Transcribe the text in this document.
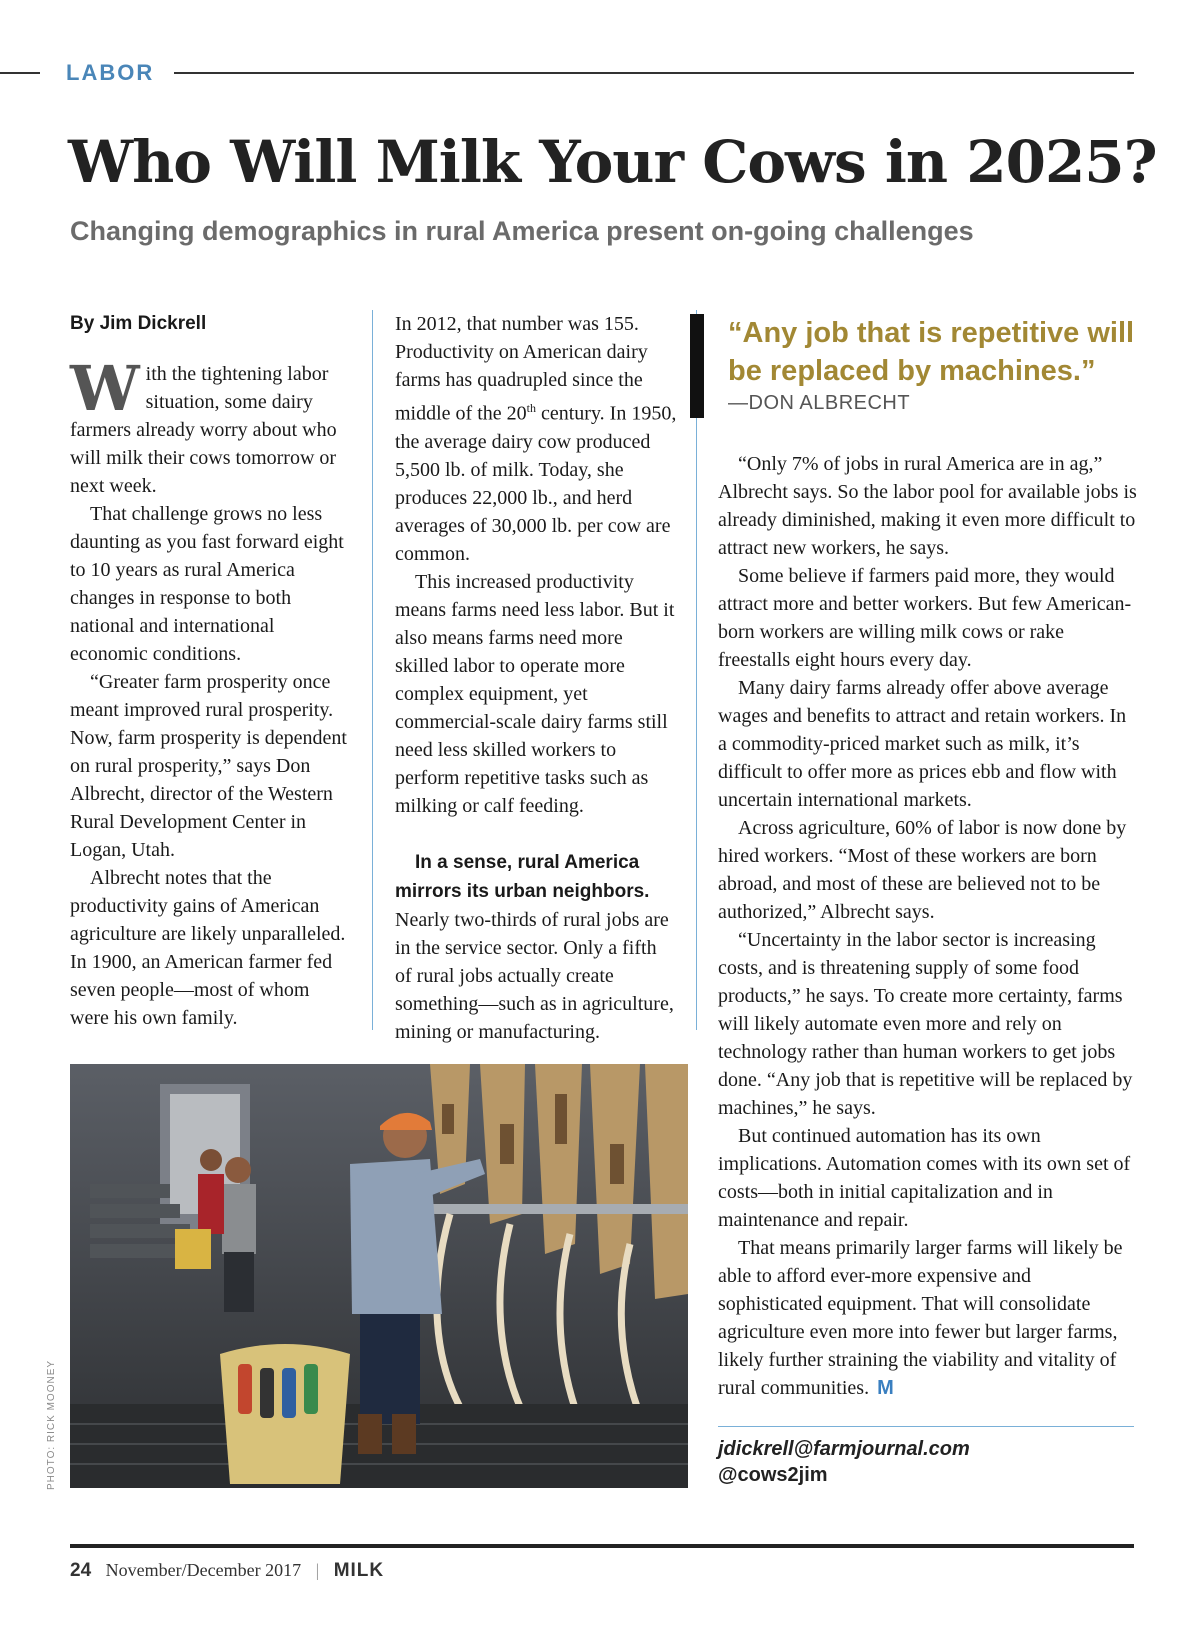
LABOR
Who Will Milk Your Cows in 2025?
Changing demographics in rural America present on-going challenges

By Jim Dickrell

With the tightening labor situation, some dairy farmers already worry about who will milk their cows tomorrow or next week.

That challenge grows no less daunting as you fast forward eight to 10 years as rural America changes in response to both national and international economic conditions.

“Greater farm prosperity once meant improved rural prosperity. Now, farm prosperity is dependent on rural prosperity,” says Don Albrecht, director of the Western Rural Development Center in Logan, Utah.

Albrecht notes that the productivity gains of American agriculture are likely unparalleled. In 1900, an American farmer fed seven people—most of whom were his own family.

In 2012, that number was 155. Productivity on American dairy farms has quadrupled since the middle of the 20th century. In 1950, the average dairy cow produced 5,500 lb. of milk. Today, she produces 22,000 lb., and herd averages of 30,000 lb. per cow are common.

This increased productivity means farms need less labor. But it also means farms need more skilled labor to operate more complex equipment, yet commercial-scale dairy farms still need less skilled workers to perform repetitive tasks such as milking or calf feeding.

In a sense, rural America mirrors its urban neighbors. Nearly two-thirds of rural jobs are in the service sector. Only a fifth of rural jobs actually create something—such as in agriculture, mining or manufacturing.

“Any job that is repetitive will be replaced by machines.”
—DON ALBRECHT

“Only 7% of jobs in rural America are in ag,” Albrecht says. So the labor pool for available jobs is already diminished, making it even more difficult to attract new workers, he says.

Some believe if farmers paid more, they would attract more and better workers. But few American-born workers are willing milk cows or rake freestalls eight hours every day.

Many dairy farms already offer above average wages and benefits to attract and retain workers. In a commodity-priced market such as milk, it’s difficult to offer more as prices ebb and flow with uncertain international markets.

Across agriculture, 60% of labor is now done by hired workers. “Most of these workers are born abroad, and most of these are believed not to be authorized,” Albrecht says.

“Uncertainty in the labor sector is increasing costs, and is threatening supply of some food products,” he says. To create more certainty, farms will likely automate even more and rely on technology rather than human workers to get jobs done. “Any job that is repetitive will be replaced by machines,” he says.

But continued automation has its own implications. Automation comes with its own set of costs—both in initial capitalization and in maintenance and repair.

That means primarily larger farms will likely be able to afford ever-more expensive and sophisticated equipment. That will consolidate agriculture even more into fewer but larger farms, likely further straining the viability and vitality of rural communities. M

jdickrell@farmjournal.com
@cows2jim
PHOTO: RICK MOONEY
24 November/December 2017 | MILK
